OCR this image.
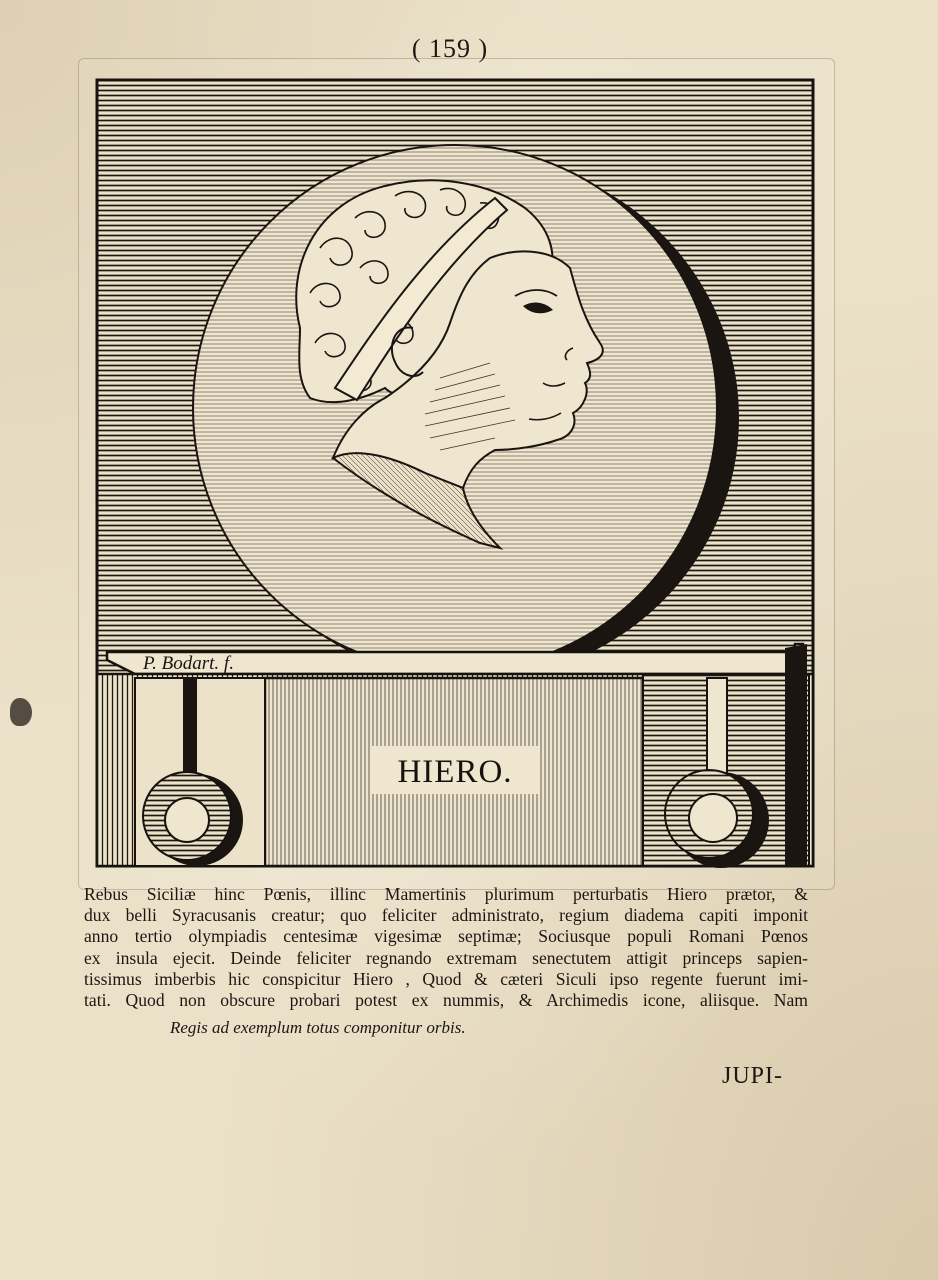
( 159 )
P. Bodart. f.
HIERO.
Rebus Siciliæ hinc Pœnis, illinc Mamertinis plurimum perturbatis Hiero prætor, &
dux belli Syracusanis creatur; quo feliciter administrato, regium diadema capiti imponit
anno tertio olympiadis centesimæ vigesimæ septimæ; Sociusque populi Romani Pœnos
ex insula ejecit. Deinde feliciter regnando extremam senectutem attigit princeps sapien-
tissimus imberbis hic conspicitur Hiero , Quod & cæteri Siculi ipso regente fuerunt imi-
tati. Quod non obscure probari potest ex nummis, & Archimedis icone, aliisque. Nam
Regis ad exemplum totus componitur orbis.
JUPI-
